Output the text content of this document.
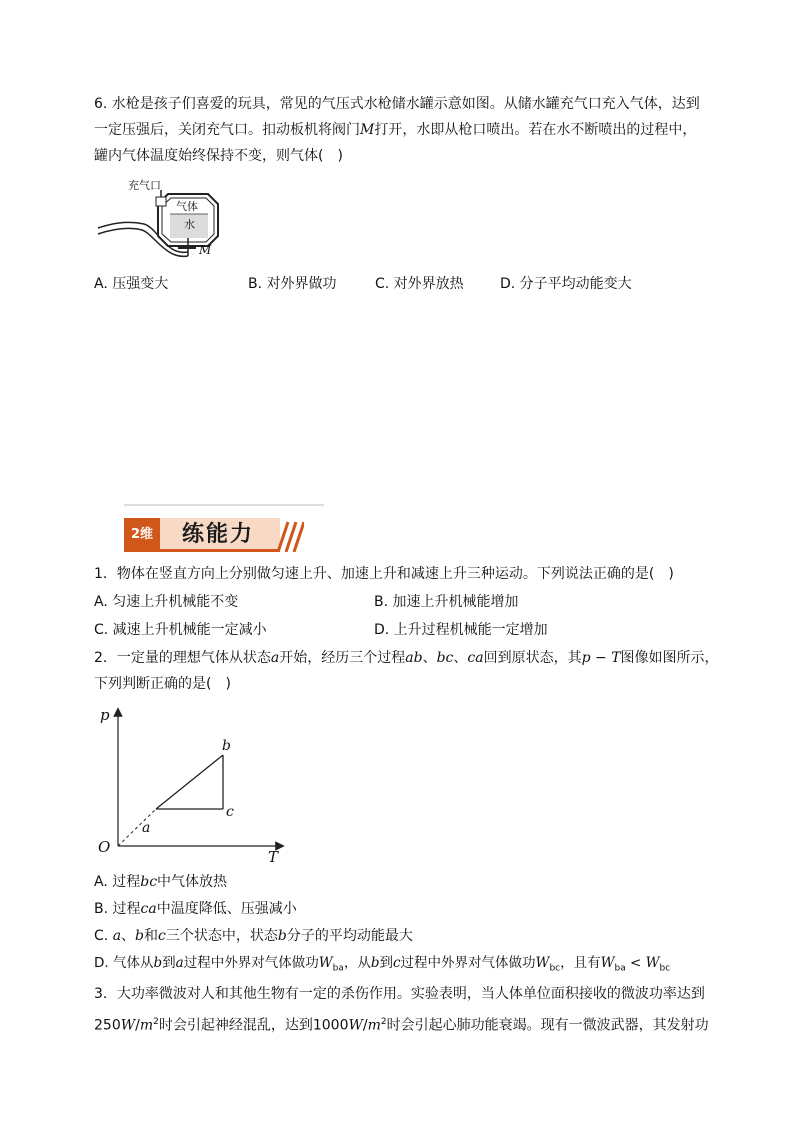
6. 水枪是孩子们喜爱的玩具，常见的气压式水枪储水罐示意如图。从储水罐充气口充入气体，达到
一定压强后，关闭充气口。扣动板机将阀门M打开，水即从枪口喷出。若在水不断喷出的过程中，
罐内气体温度始终保持不变，则气体(　)
充气口
气体
水
M
A. 压强变大	B. 对外界做功	C. 对外界放热	D. 分子平均动能变大
2维	练能力
1．物体在竖直方向上分别做匀速上升、加速上升和减速上升三种运动。下列说法正确的是(　)
A. 匀速上升机械能不变	B. 加速上升机械能增加
C. 减速上升机械能一定减小	D. 上升过程机械能一定增加
2．一定量的理想气体从状态a开始，经历三个过程ab、bc、ca回到原状态，其p − T图像如图所示，
下列判断正确的是(　)
p
T
O
a
b
c
A. 过程bc中气体放热
B. 过程ca中温度降低、压强减小
C. a、b和c三个状态中，状态b分子的平均动能最大
D. 气体从b到a过程中外界对气体做功$W_{ba}$，从b到c过程中外界对气体做功$W_{bc}$，且有$W_{ba} < W_{bc}$
3．大功率微波对人和其他生物有一定的杀伤作用。实验表明，当人体单位面积接收的微波功率达到
$250W/m^2$时会引起神经混乱，达到$1000W/m^2$时会引起心肺功能衰竭。现有一微波武器，其发射功
